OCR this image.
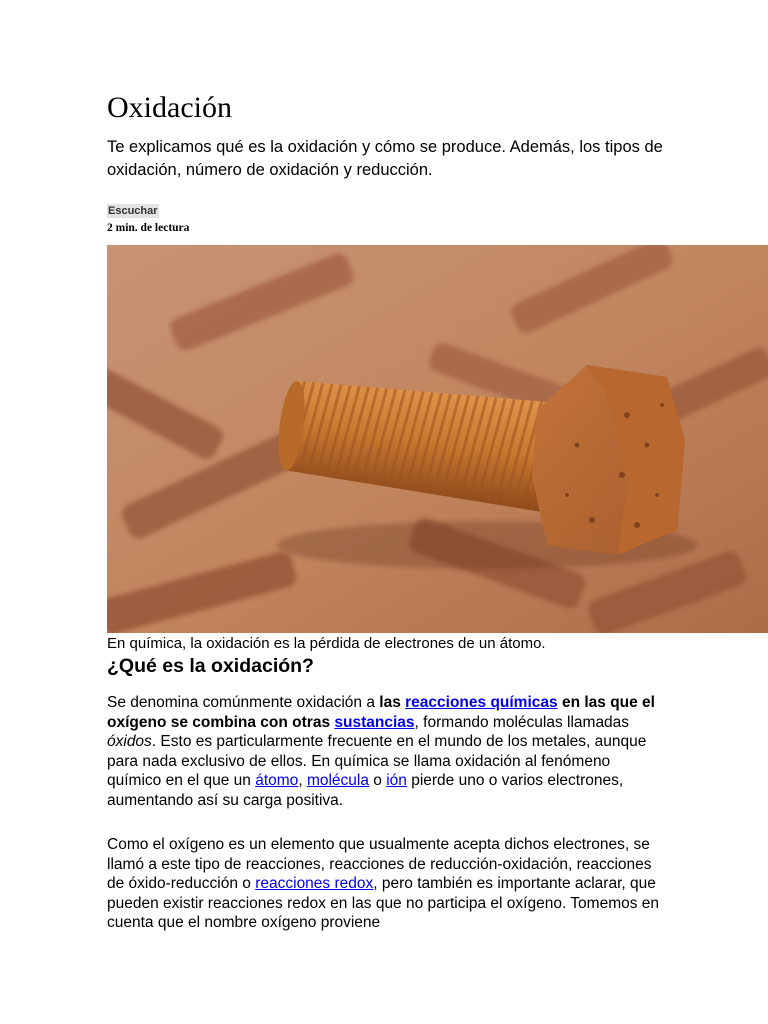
Oxidación

Te explicamos qué es la oxidación y cómo se produce. Además, los tipos de oxidación, número de oxidación y reducción.

Escuchar
2 min. de lectura

En química, la oxidación es la pérdida de electrones de un átomo.

¿Qué es la oxidación?

Se denomina comúnmente oxidación a las reacciones químicas en las que el oxígeno se combina con otras sustancias, formando moléculas llamadas óxidos. Esto es particularmente frecuente en el mundo de los metales, aunque para nada exclusivo de ellos. En química se llama oxidación al fenómeno químico en el que un átomo, molécula o ión pierde uno o varios electrones, aumentando así su carga positiva.

Como el oxígeno es un elemento que usualmente acepta dichos electrones, se llamó a este tipo de reacciones, reacciones de reducción-oxidación, reacciones de óxido-reducción o reacciones redox, pero también es importante aclarar, que pueden existir reacciones redox en las que no participa el oxígeno. Tomemos en cuenta que el nombre oxígeno proviene
